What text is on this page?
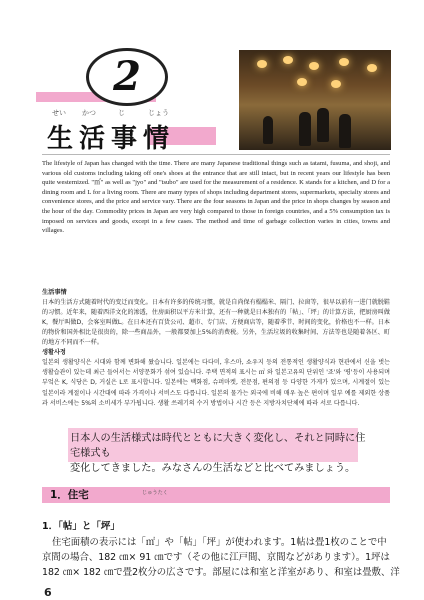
2
せい かつ	じ	じょう
生活事情

The lifestyle of Japan has changed with the time. There are many Japanese traditional things such as tatami, fusuma, and shoji, and various old customs including taking off one's shoes at the entrance that are still intact, but in recent years our lifestyle has been quite westernized. "㎡" as well as "jyo" and "tsubo" are used for the measurement of a residence. K stands for a kitchen, and D for a dining room and L for a living room. There are many types of shops including department stores, supermarkets, specialty stores and convenience stores, and the price and service vary. There are the four seasons in Japan and the price in shops changes by season and the hour of the day. Commodity prices in Japan are very high compared to those in foreign countries, and a 5% consumption tax is imposed on services and goods, except in a few cases. The method and time of garbage collection varies in cities, towns and villages.

生活事情

日本的生活方式随着时代的变迁而变化。日本有许多的传统习惯，就是自尚保有榻榻米、隔门、拉窗等，很早以前有一进门就脱鞋的习惯。近年来，随着西洋文化的渗透，住房面积以平方米计算，还有一种就是日本独有的「帖」、「坪」的计算方法，把厨房叫做K，餐厅叫做D，会客室叫做L。在日本还有百货公司、超市、专门店、方便商店等，随着季节、时间的变化，价格也不一样。日本的物价和国外相比是很贵的，除一些商品外，一般都要加上5%的消费税。另外，生活垃圾的收集时间、方法等也是随着各区、町的地方不同而不一样。

생활사정

일본의 생활양식은 시대와 함께 변화해 왔습니다. 일본에는 다다미, 후스마, 쇼우지 등의 전통적인 생활양식과 현관에서 신을 벗는 생활습관이 있는데 최근 들어서는 서양문화가 섞여 있습니다. 주택 면적의 표시는 ㎡ 와 일본고유의 단위인 '죠'와 '평'등이 사용되며 부엌은 K, 식당은 D, 거실은 L로 표시합니다. 일본에는 백화점, 슈퍼마켓, 전문점, 편의점 등 다양한 가게가 있으며, 시계절이 있는 일본이라 계절이나 시간대에 따라 가격이나 서비스도 다릅니다. 일본의 물가는 외국에 비해 매우 높은 편이며 일부 예를 제외한 상품과 서비스에는 5%의 소비세가 부가됩니다. 생활 쓰레기의 수거 방법이나 시간 등은 지방자치단체에 따라 서로 다릅니다.

日本人の生活様式は時代とともに大きく変化し、それと同時に住宅様式も
変化してきました。みなさんの生活などと比べてみましょう。

1．住宅	じゅうたく
1．「帖」と「坪」

住宅面積の表示には「㎡」や「帖」「坪」が使われます。1帖は畳1枚のことで中

京間の場合、182 ㎝× 91 ㎝です（その他に江戸間、京間などがあります）。1坪は

182 ㎝× 182 ㎝で畳2枚分の広さです。部屋には和室と洋室があり、和室は畳敷、洋

6
